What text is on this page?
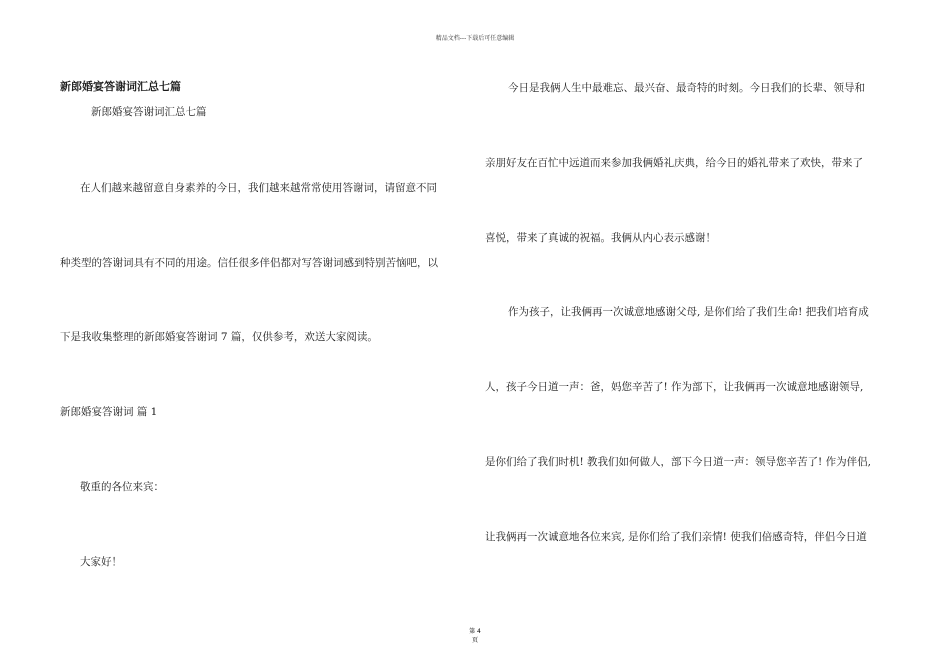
精品文档---下载后可任意编辑
新郎婚宴答谢词汇总七篇
新郎婚宴答谢词汇总七篇
在人们越来越留意自身素养的今日，我们越来越常常使用答谢词，请留意不同
种类型的答谢词具有不同的用途。信任很多伴侣都对写答谢词感到特别苦恼吧，以
下是我收集整理的新郎婚宴答谢词 7 篇，仅供参考，欢送大家阅读。
新郎婚宴答谢词 篇 1
敬重的各位来宾：
大家好！
今日是我俩人生中最难忘、最兴奋、最奇特的时刻。今日我们的长辈、领导和
亲朋好友在百忙中远道而来参加我俩婚礼庆典，给今日的婚礼带来了欢快，带来了
喜悦，带来了真诚的祝福。我俩从内心表示感谢！
作为孩子，让我俩再一次诚意地感谢父母, 是你们给了我们生命! 把我们培育成
人，孩子今日道一声：爸，妈您辛苦了! 作为部下，让我俩再一次诚意地感谢领导,
是你们给了我们时机! 教我们如何做人，部下今日道一声：领导您辛苦了! 作为伴侣,
让我俩再一次诚意地各位来宾, 是你们给了我们亲情! 使我们倍感奇特，伴侣今日道
第 4
页
